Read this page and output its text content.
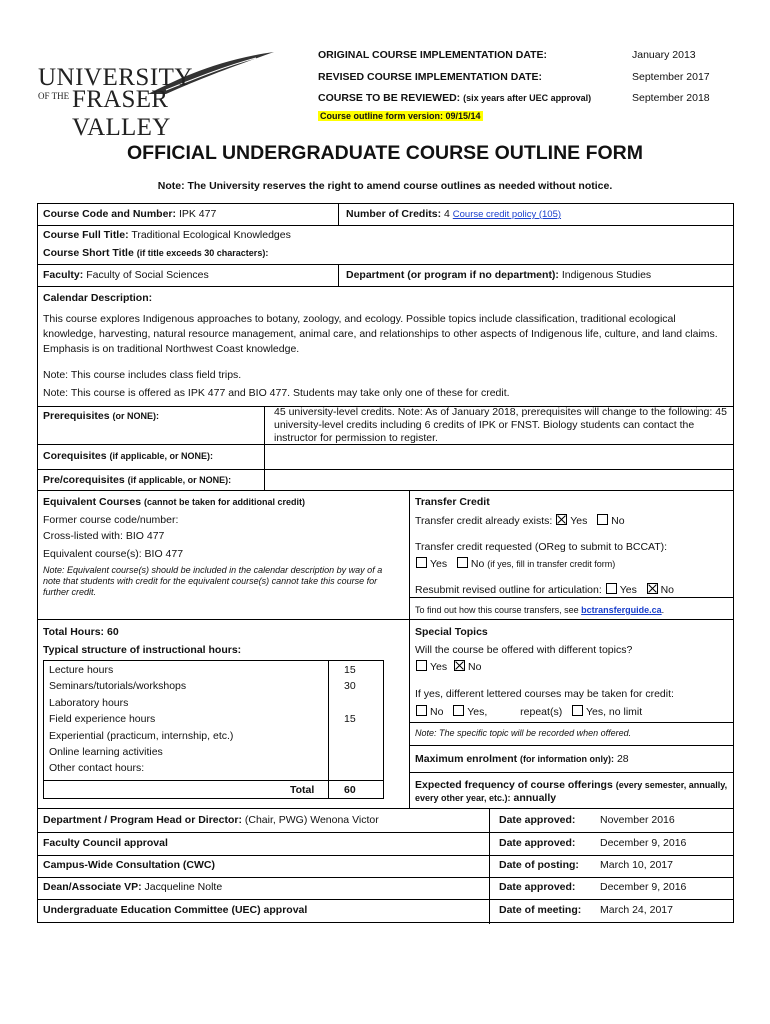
UNIVERSITY
OF THE FRASER VALLEY
ORIGINAL COURSE IMPLEMENTATION DATE:	January 2013
REVISED COURSE IMPLEMENTATION DATE:	September 2017
COURSE TO BE REVIEWED: (six years after UEC approval)	September 2018
Course outline form version: 09/15/14
OFFICIAL UNDERGRADUATE COURSE OUTLINE FORM
Note: The University reserves the right to amend course outlines as needed without notice.
Course Code and Number: IPK 477	Number of Credits: 4 Course credit policy (105)
Course Full Title: Traditional Ecological Knowledges
Course Short Title (if title exceeds 30 characters):
Faculty: Faculty of Social Sciences	Department (or program if no department): Indigenous Studies
Calendar Description:
This course explores Indigenous approaches to botany, zoology, and ecology. Possible topics include classification, traditional ecological knowledge, harvesting, natural resource management, animal care, and relationships to other aspects of Indigenous life, culture, and land claims. Emphasis is on traditional Northwest Coast knowledge.
Note: This course includes class field trips.
Note: This course is offered as IPK 477 and BIO 477. Students may take only one of these for credit.
Prerequisites (or NONE):	45 university-level credits. Note: As of January 2018, prerequisites will change to the following: 45 university-level credits including 6 credits of IPK or FNST. Biology students can contact the instructor for permission to register.
Corequisites (if applicable, or NONE):
Pre/corequisites (if applicable, or NONE):
Equivalent Courses (cannot be taken for additional credit)
Former course code/number:
Cross-listed with: BIO 477
Equivalent course(s): BIO 477
Note: Equivalent course(s) should be included in the calendar description by way of a note that students with credit for the equivalent course(s) cannot take this course for further credit.
Transfer Credit
Transfer credit already exists: Yes No
Transfer credit requested (OReg to submit to BCCAT):
Yes No (if yes, fill in transfer credit form)
Resubmit revised outline for articulation: Yes No
To find out how this course transfers, see bctransferguide.ca.
Total Hours: 60
Typical structure of instructional hours:
Lecture hours	15
Seminars/tutorials/workshops	30
Laboratory hours
Field experience hours	15
Experiential (practicum, internship, etc.)
Online learning activities
Other contact hours:
Total	60
Special Topics
Will the course be offered with different topics?
Yes No
If yes, different lettered courses may be taken for credit:
No Yes,	repeat(s) Yes, no limit
Note: The specific topic will be recorded when offered.
Maximum enrolment (for information only): 28
Expected frequency of course offerings (every semester, annually, every other year, etc.): annually
Department / Program Head or Director: (Chair, PWG) Wenona Victor	Date approved: November 2016
Faculty Council approval	Date approved: December 9, 2016
Campus-Wide Consultation (CWC)	Date of posting: March 10, 2017
Dean/Associate VP: Jacqueline Nolte	Date approved: December 9, 2016
Undergraduate Education Committee (UEC) approval	Date of meeting: March 24, 2017
